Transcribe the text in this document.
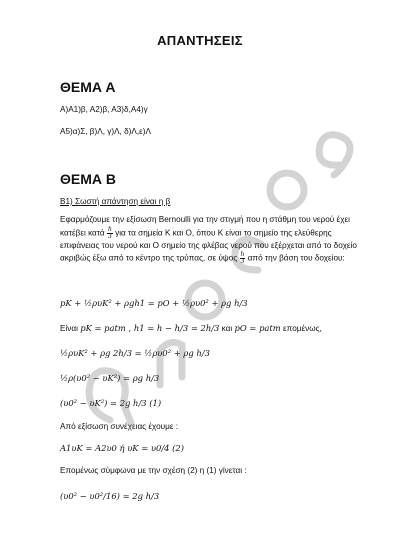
ΑΠΑΝΤΗΣΕΙΣ
ΘΕΜΑ Α
Α)Α1)β, Α2)β, Α3)δ,Α4)γ
Α5)α)Σ, β)Λ, γ)Λ, δ)Λ,ε)Λ
ΘΕΜΑ Β
Β1) Σωστή απάντηση είναι η β
Εφαρμόζουμε την εξίσωση Bernoulli για την στιγμή που η στάθμη του νερού έχει κατέβει κατά $\frac{h}{3}$ για τα σημεία Κ και Ο, όπου Κ είναι το σημείο της ελεύθερης επιφάνειας του νερού και Ο σημείο της φλέβας νερού που εξέρχεται από το δοχείο ακριβώς έξω από το κέντρο της τρύπας, σε ύψος $\frac{h}{3}$ από την βάση του δοχείου:
pK + ½ρυK² + ρgh1 = pO + ½ρυ0² + ρg h/3
Είναι pK = patm , h1 = h − h/3 = 2h/3 και pO = patm επομένως,
½ρυK² + ρg 2h/3 = ½ρυ0² + ρg h/3
½ρ(υ0² − υK²) = ρg h/3
(υ0² − υK²) = 2g h/3 (1)
Από εξίσωση συνέχειας έχουμε :
A1υK = A2υ0 ή υK = υ0/4 (2)
Επομένως σύμφωνα με την σχέση (2) η (1) γίνεται :
(υ0² − υ0²/16) = 2g h/3
